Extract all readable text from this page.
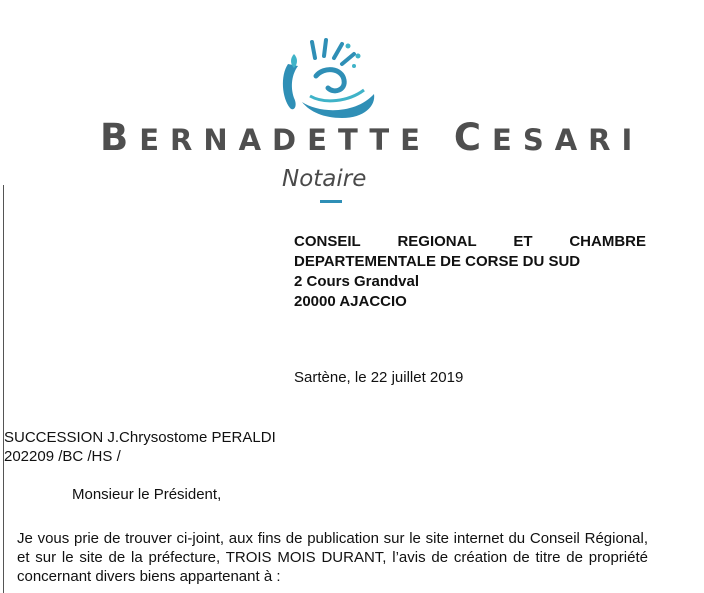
BERNADETTE CESARI
Notaire
CONSEIL REGIONAL ET CHAMBRE
DEPARTEMENTALE DE CORSE DU SUD
2 Cours Grandval
20000 AJACCIO
Sartène, le 22 juillet 2019
SUCCESSION J.Chrysostome PERALDI
202209 /BC /HS /
Monsieur le Président,
Je vous prie de trouver ci-joint, aux fins de publication sur le site internet du Conseil Régional, et sur le site de la préfecture, TROIS MOIS DURANT, l’avis de création de titre de propriété concernant divers biens appartenant à :
